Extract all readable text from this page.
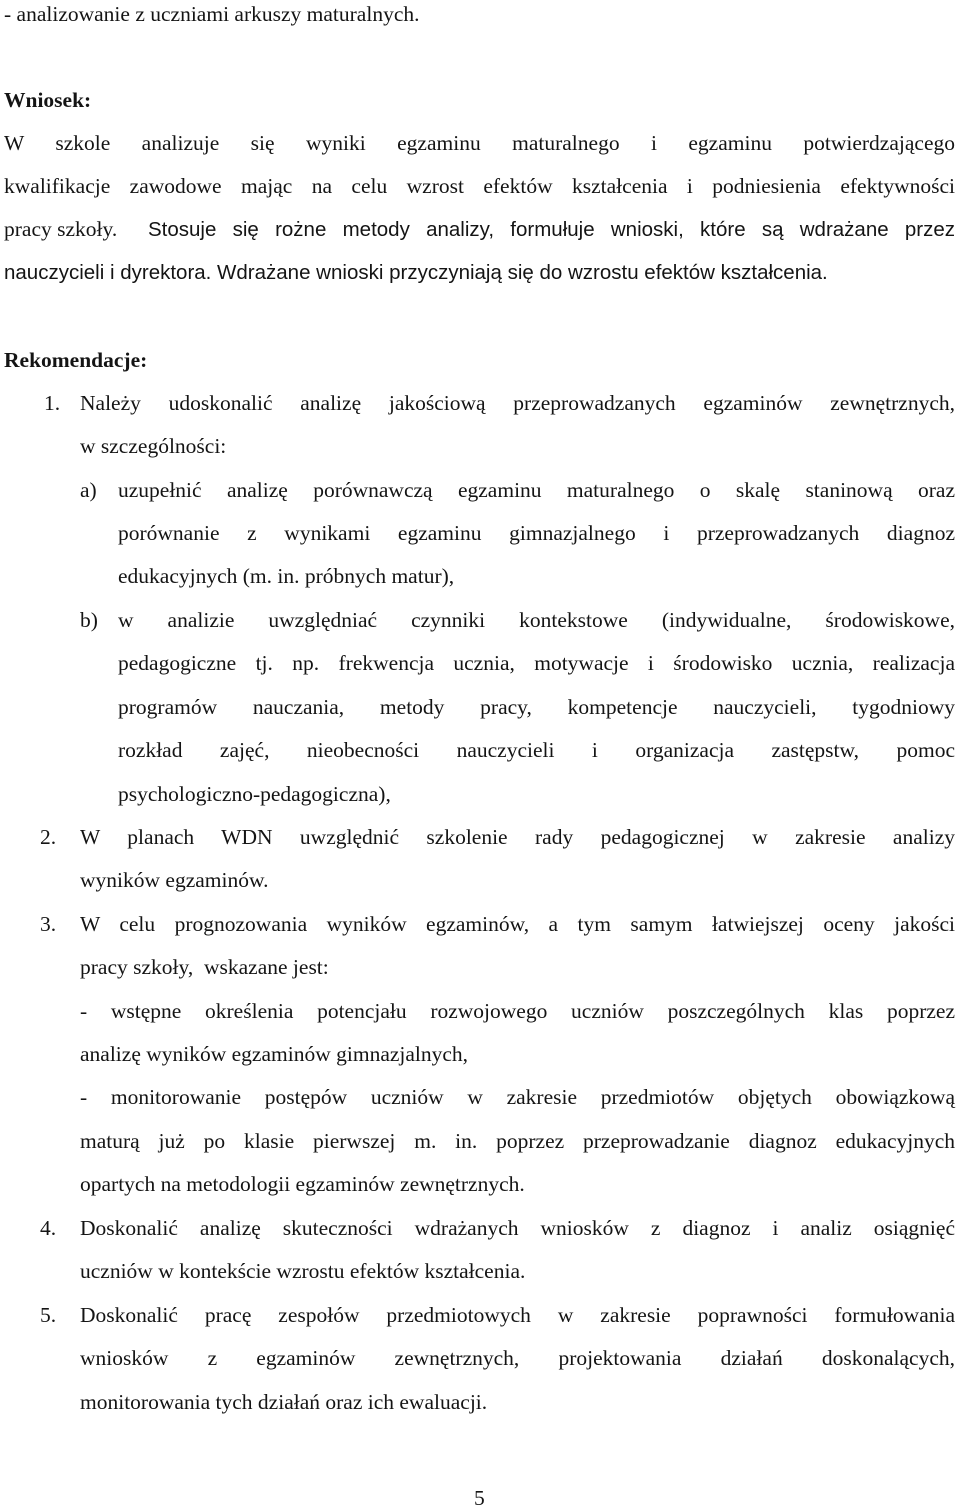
- analizowanie z uczniami arkuszy maturalnych.
Wniosek:
W szkole analizuje się wyniki egzaminu maturalnego i egzaminu potwierdzającego
kwalifikacje zawodowe mając na celu wzrost efektów kształcenia i podniesienia efektywności
pracy szkoły. Stosuje się rożne metody analizy, formułuje wnioski, które są wdrażane przez
nauczycieli i dyrektora. Wdrażane wnioski przyczyniają się do wzrostu efektów kształcenia.
Rekomendacje:
1. Należy udoskonalić analizę jakościową przeprowadzanych egzaminów zewnętrznych,
w szczególności:
a) uzupełnić analizę porównawczą egzaminu maturalnego o skalę staninową oraz
porównanie z wynikami egzaminu gimnazjalnego i przeprowadzanych diagnoz
edukacyjnych (m. in. próbnych matur),
b) w analizie uwzględniać czynniki kontekstowe (indywidualne, środowiskowe,
pedagogiczne tj. np. frekwencja ucznia, motywacje i środowisko ucznia, realizacja
programów nauczania, metody pracy, kompetencje nauczycieli, tygodniowy
rozkład zajęć, nieobecności nauczycieli i organizacja zastępstw, pomoc
psychologiczno-pedagogiczna),
2. W planach WDN uwzględnić szkolenie rady pedagogicznej w zakresie analizy
wyników egzaminów.
3. W celu prognozowania wyników egzaminów, a tym samym łatwiejszej oceny jakości
pracy szkoły,  wskazane jest:
- wstępne określenia potencjału rozwojowego uczniów poszczególnych klas poprzez
analizę wyników egzaminów gimnazjalnych,
- monitorowanie postępów uczniów w zakresie przedmiotów objętych obowiązkową
maturą już po klasie pierwszej m. in. poprzez przeprowadzanie diagnoz edukacyjnych
opartych na metodologii egzaminów zewnętrznych.
4. Doskonalić analizę skuteczności wdrażanych wniosków z diagnoz i analiz osiągnięć
uczniów w kontekście wzrostu efektów kształcenia.
5. Doskonalić pracę zespołów przedmiotowych w zakresie poprawności formułowania
wniosków z egzaminów zewnętrznych, projektowania działań doskonalących,
monitorowania tych działań oraz ich ewaluacji.
5
